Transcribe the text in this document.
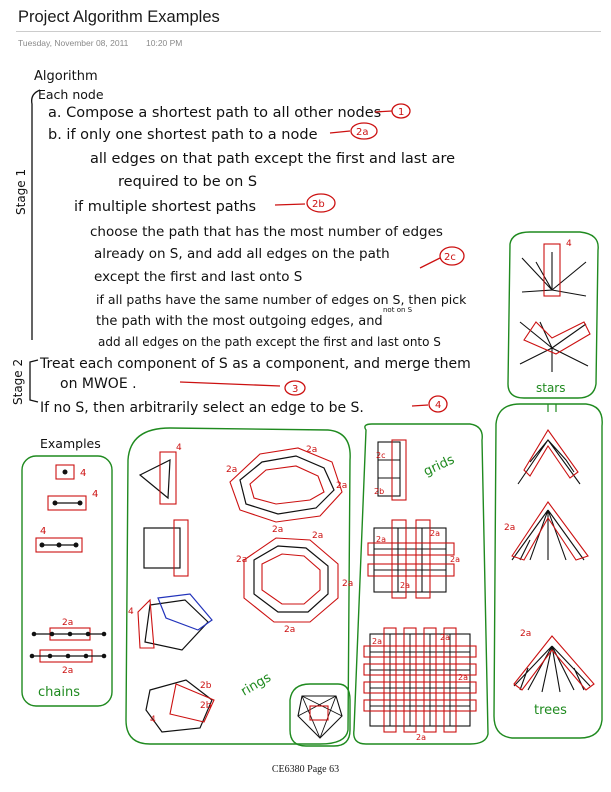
Project Algorithm Examples
Tuesday, November 08, 2011 10:20 PM
Algorithm
Each node
a. Compose a shortest path to all other nodes 1
b. if only one shortest path to a node	2a
all edges on that path except the first and last are
required to be on S
if multiple shortest paths	2b
choose the path that has the most number of edges
already on S, and add all edges on the path
except the first and last onto S
2c
if all paths have the same number of edges on S, then pick
the path with the most outgoing edges, and
not on S
add all edges on the path except the first and last onto S
Stage 1
Stage 2 Treat each component of S as a component, and merge them
on MWOE .	3
If no S, then arbitrarily select an edge to be S.	4
Examples
4
4
4
2a
2a
chains
4
4
2b
2b
4
2a
2a
2a
2a
2a
2a
2a
2a
rings
grids
2c
2b
2a
2a
2a
2a
2a	2a
2a
2a
4
stars
2a
2a
trees
CE6380 Page 63
